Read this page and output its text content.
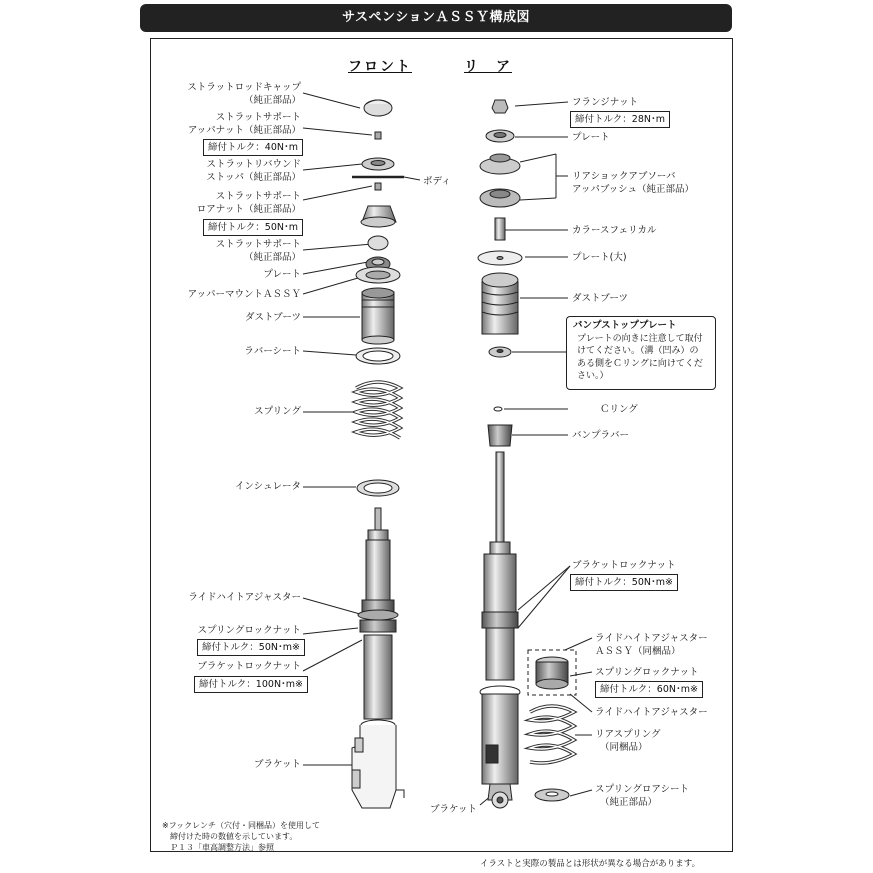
サスペンションＡＳＳＹ構成図
フロント	リ　ア
ボディ
ストラットロッドキャップ
（純正部品）
ストラットサポート
アッパナット（純正部品）
締付トルク：40N･m
ストラットリバウンド
ストッパ（純正部品）
ストラットサポート
ロアナット（純正部品）
締付トルク：50N･m
ストラットサポート
（純正部品）
プレート
アッパーマウントＡＳＳＹ
ダストブーツ
ラバーシート
スプリング
インシュレータ
ライドハイトアジャスター
スプリングロックナット
締付トルク：50N･m※
ブラケットロックナット
締付トルク：100N･m※
ブラケット
フランジナット
締付トルク：28N･m
プレート
リアショックアブソーバ
アッパブッシュ（純正部品）
カラースフェリカル
プレート(大)
ダストブーツ
バンプストッププレート
プレートの向きに注意して取付
けてください。（溝（凹み）の
ある側をＣリングに向けてくだ
さい。）
Ｃリング
バンプラバー
ブラケットロックナット
締付トルク：50N･m※
ライドハイトアジャスター
ＡＳＳＹ（同梱品）
スプリングロックナット
締付トルク：60N･m※
ライドハイトアジャスター
リアスプリング
（同梱品）
スプリングロアシート
（純正部品）
ブラケット
※フックレンチ（穴付・同梱品）を使用して
　締付けた時の数値を示しています。
　Ｐ１３「車高調整方法」参照
イラストと実際の製品とは形状が異なる場合があります。
